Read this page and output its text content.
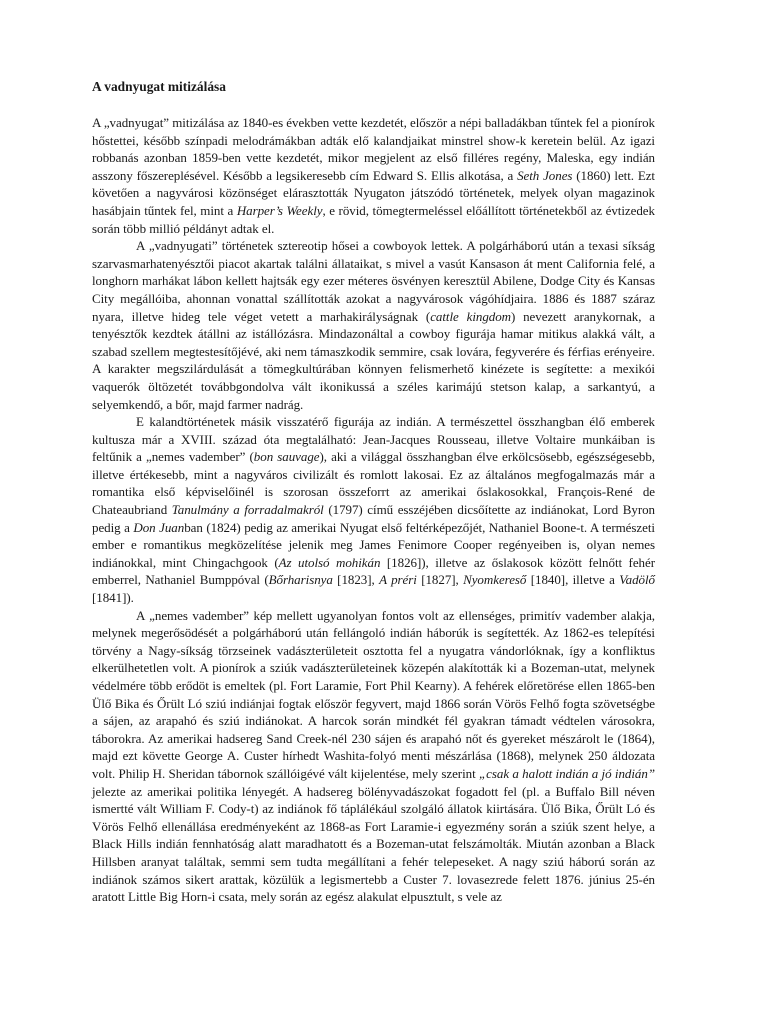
A vadnyugat mitizálása

A „vadnyugat” mitizálása az 1840-es években vette kezdetét, először a népi balladákban tűntek fel a pionírok hőstettei, később színpadi melodrámákban adták elő kalandjaikat minstrel show-k keretein belül. Az igazi robbanás azonban 1859-ben vette kezdetét, mikor megjelent az első filléres regény, Maleska, egy indián asszony főszereplésével. Később a legsikeresebb cím Edward S. Ellis alkotása, a Seth Jones (1860) lett. Ezt követően a nagyvárosi közönséget elárasztották Nyugaton játszódó történetek, melyek olyan magazinok hasábjain tűntek fel, mint a Harper’s Weekly, e rövid, tömegtermeléssel előállított történetekből az évtizedek során több millió példányt adtak el.

A „vadnyugati” történetek sztereotip hősei a cowboyok lettek. A polgárháború után a texasi síkság szarvasmarhatenyésztői piacot akartak találni állataikat, s mivel a vasút Kansason át ment California felé, a longhorn marhákat lábon kellett hajtsák egy ezer méteres ösvényen keresztül Abilene, Dodge City és Kansas City megállóiba, ahonnan vonattal szállították azokat a nagyvárosok vágóhídjaira. 1886 és 1887 száraz nyara, illetve hideg tele véget vetett a marhakirályságnak (cattle kingdom) nevezett aranykornak, a tenyésztők kezdtek átállni az istállózásra. Mindazonáltal a cowboy figurája hamar mitikus alakká vált, a szabad szellem megtestesítőjévé, aki nem támaszkodik semmire, csak lovára, fegyverére és férfias erényeire. A karakter megszilárdulását a tömegkultúrában könnyen felismerhető kinézete is segítette: a mexikói vaquerók öltözetét továbbgondolva vált ikonikussá a széles karimájú stetson kalap, a sarkantyú, a selyemkendő, a bőr, majd farmer nadrág.

E kalandtörténetek másik visszatérő figurája az indián. A természettel összhangban élő emberek kultusza már a XVIII. század óta megtalálható: Jean-Jacques Rousseau, illetve Voltaire munkáiban is feltűnik a „nemes vadember” (bon sauvage), aki a világgal összhangban élve erkölcsösebb, egészségesebb, illetve értékesebb, mint a nagyváros civilizált és romlott lakosai. Ez az általános megfogalmazás már a romantika első képviselőinél is szorosan összeforrt az amerikai őslakosokkal, François-René de Chateaubriand Tanulmány a forradalmakról (1797) című esszéjében dicsőítette az indiánokat, Lord Byron pedig a Don Juanban (1824) pedig az amerikai Nyugat első feltérképezőjét, Nathaniel Boone-t. A természeti ember e romantikus megközelítése jelenik meg James Fenimore Cooper regényeiben is, olyan nemes indiánokkal, mint Chingachgook (Az utolsó mohikán [1826]), illetve az őslakosok között felnőtt fehér emberrel, Nathaniel Bumppóval (Bőrharisnya [1823], A préri [1827], Nyomkereső [1840], illetve a Vadölő [1841]).

A „nemes vadember” kép mellett ugyanolyan fontos volt az ellenséges, primitív vadember alakja, melynek megerősödését a polgárháború után fellángoló indián háborúk is segítették. Az 1862-es telepítési törvény a Nagy-síkság törzseinek vadászterületeit osztotta fel a nyugatra vándorlóknak, így a konfliktus elkerülhetetlen volt. A pionírok a sziúk vadászterületeinek közepén alakították ki a Bozeman-utat, melynek védelmére több erődöt is emeltek (pl. Fort Laramie, Fort Phil Kearny). A fehérek előretörése ellen 1865-ben Ülő Bika és Őrült Ló sziú indiánjai fogtak először fegyvert, majd 1866 során Vörös Felhő fogta szövetségbe a sájen, az arapahó és sziú indiánokat. A harcok során mindkét fél gyakran támadt védtelen városokra, táborokra. Az amerikai hadsereg Sand Creek-nél 230 sájen és arapahó nőt és gyereket mészárolt le (1864), majd ezt követte George A. Custer hírhedt Washita-folyó menti mészárlása (1868), melynek 250 áldozata volt. Philip H. Sheridan tábornok szállóigévé vált kijelentése, mely szerint „csak a halott indián a jó indián” jelezte az amerikai politika lényegét. A hadsereg bölényvadászokat fogadott fel (pl. a Buffalo Bill néven ismertté vált William F. Cody-t) az indiánok fő táplálékául szolgáló állatok kiirtására. Ülő Bika, Őrült Ló és Vörös Felhő ellenállása eredményeként az 1868-as Fort Laramie-i egyezmény során a sziúk szent helye, a Black Hills indián fennhatóság alatt maradhatott és a Bozeman-utat felszámolták. Miután azonban a Black Hillsben aranyat találtak, semmi sem tudta megállítani a fehér telepeseket. A nagy sziú háború során az indiánok számos sikert arattak, közülük a legismertebb a Custer 7. lovasezrede felett 1876. június 25-én aratott Little Big Horn-i csata, mely során az egész alakulat elpusztult, s vele az
